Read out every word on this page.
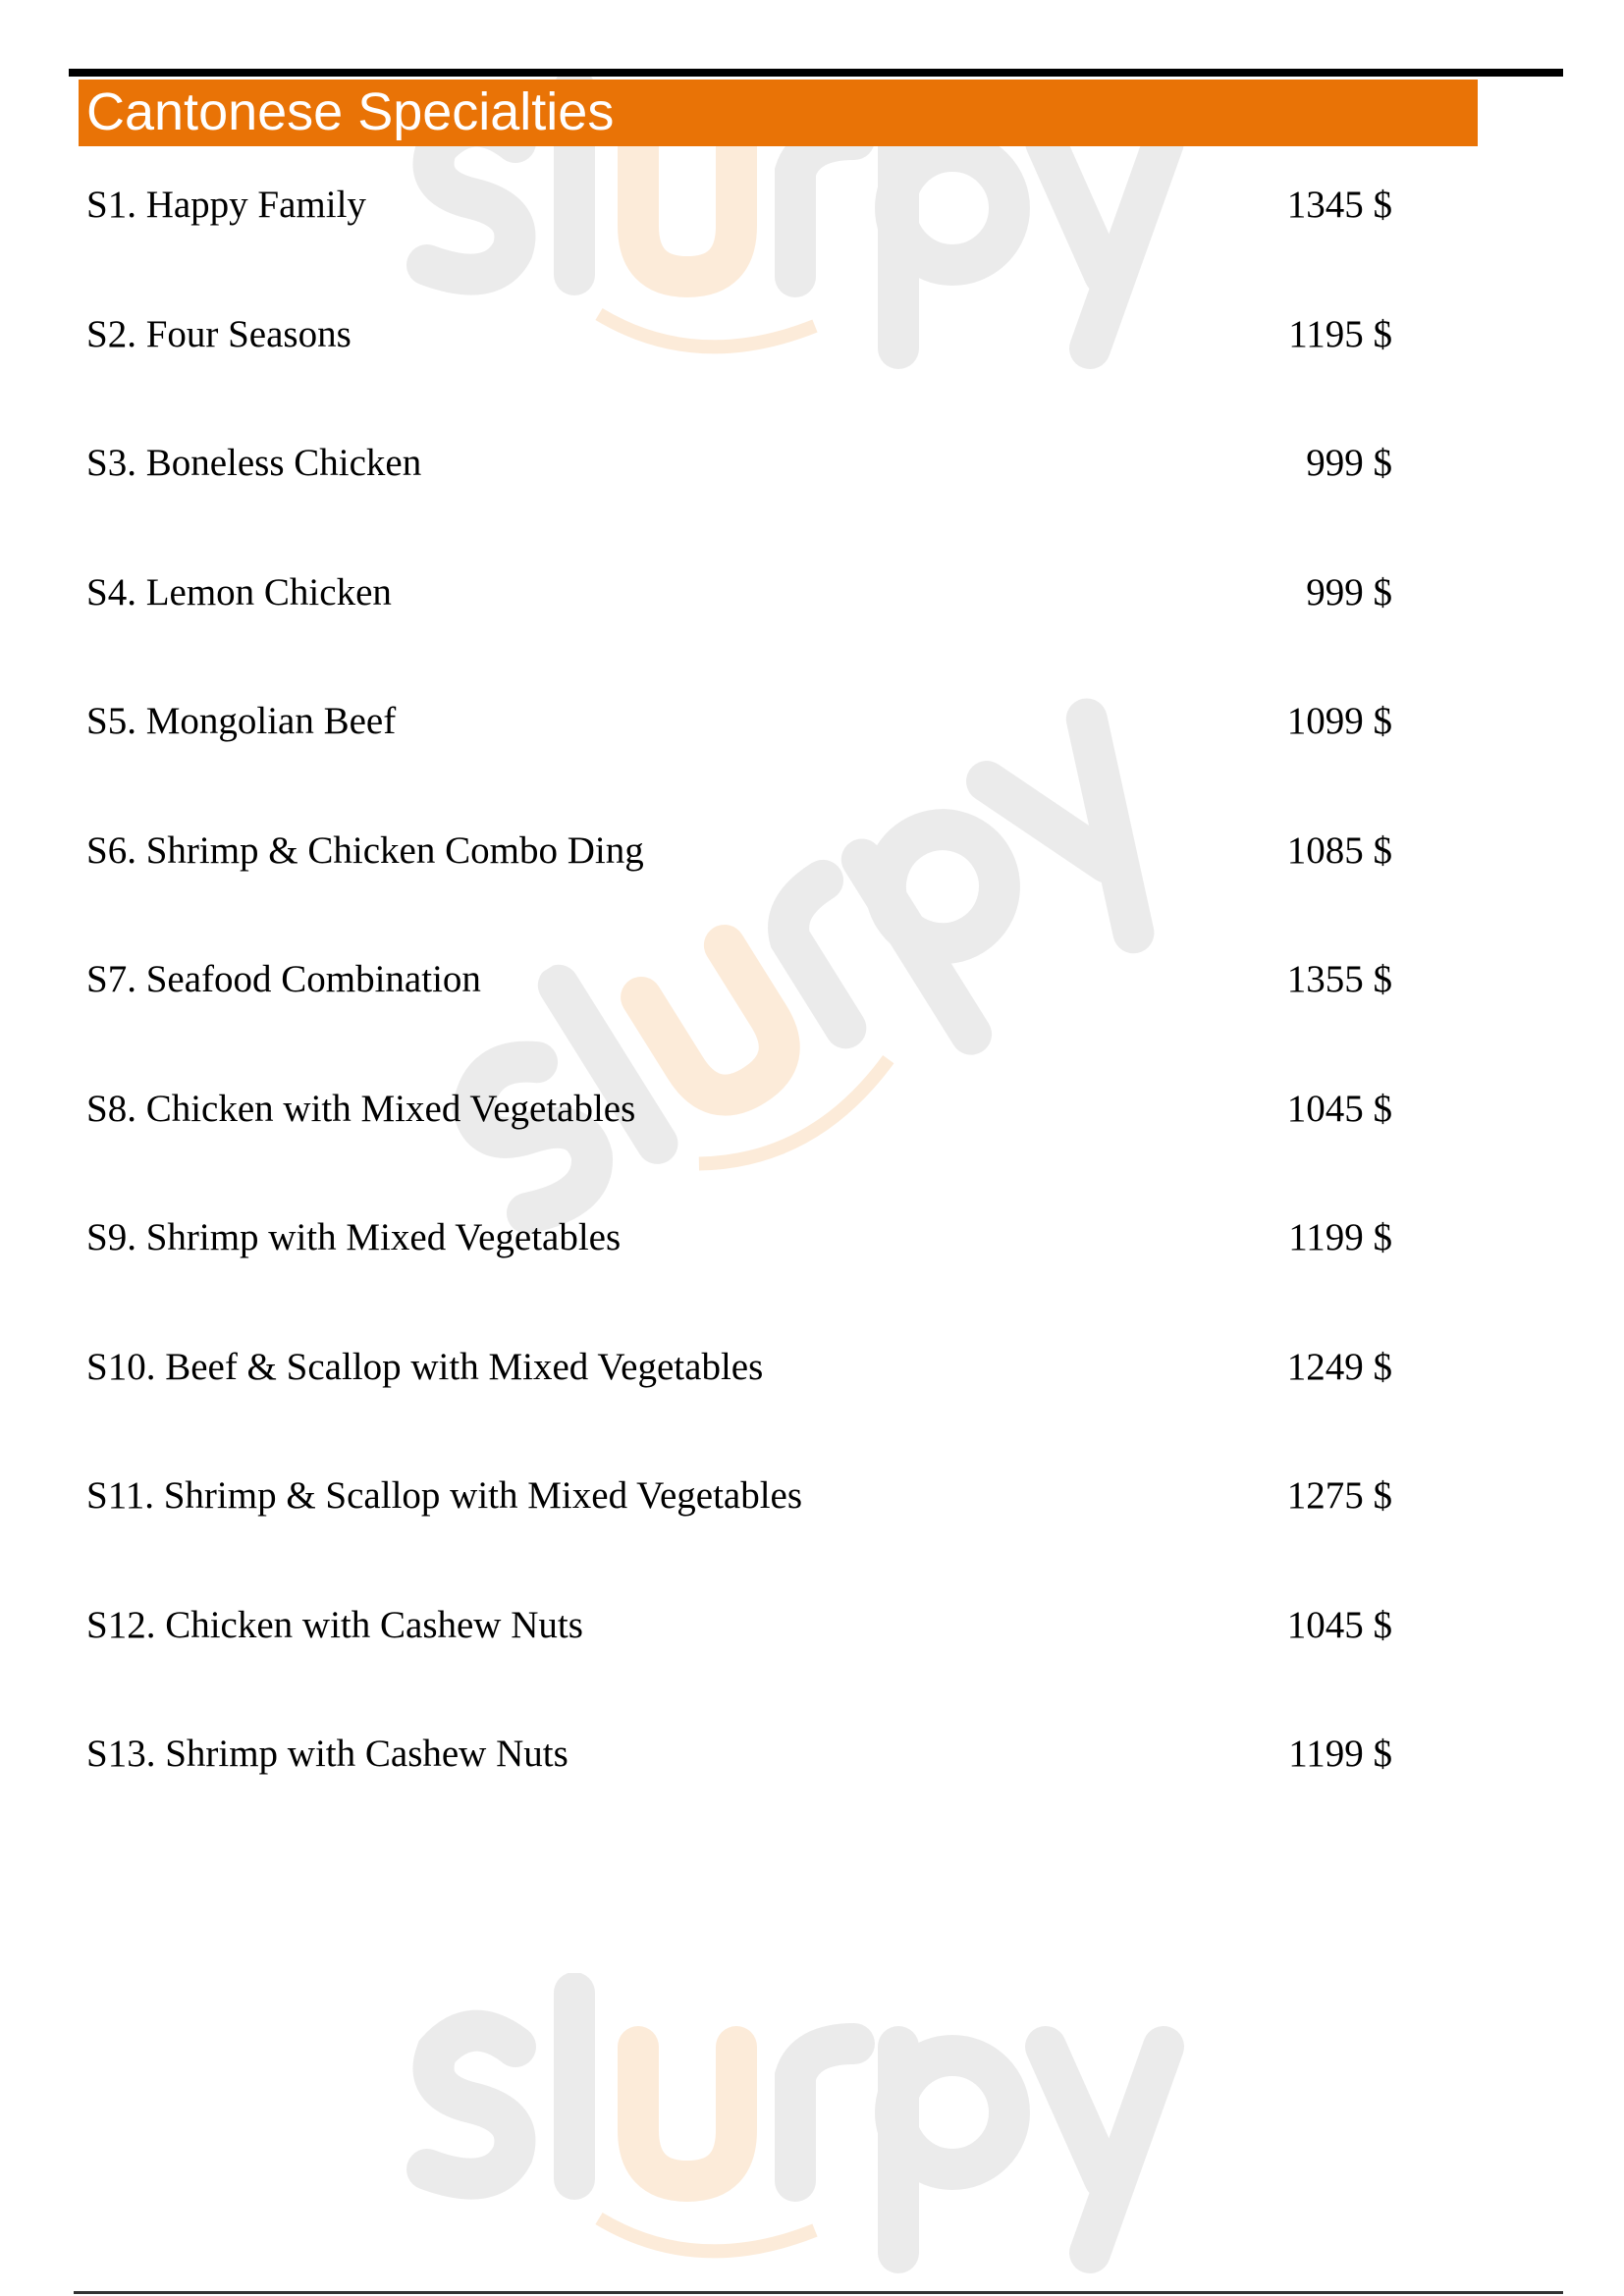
Cantonese Specialties
S1. Happy Family	1345 $
S2. Four Seasons	1195 $
S3. Boneless Chicken	999 $
S4. Lemon Chicken	999 $
S5. Mongolian Beef	1099 $
S6. Shrimp & Chicken Combo Ding	1085 $
S7. Seafood Combination	1355 $
S8. Chicken with Mixed Vegetables	1045 $
S9. Shrimp with Mixed Vegetables	1199 $
S10. Beef & Scallop with Mixed Vegetables	1249 $
S11. Shrimp & Scallop with Mixed Vegetables	1275 $
S12. Chicken with Cashew Nuts	1045 $
S13. Shrimp with Cashew Nuts	1199 $
